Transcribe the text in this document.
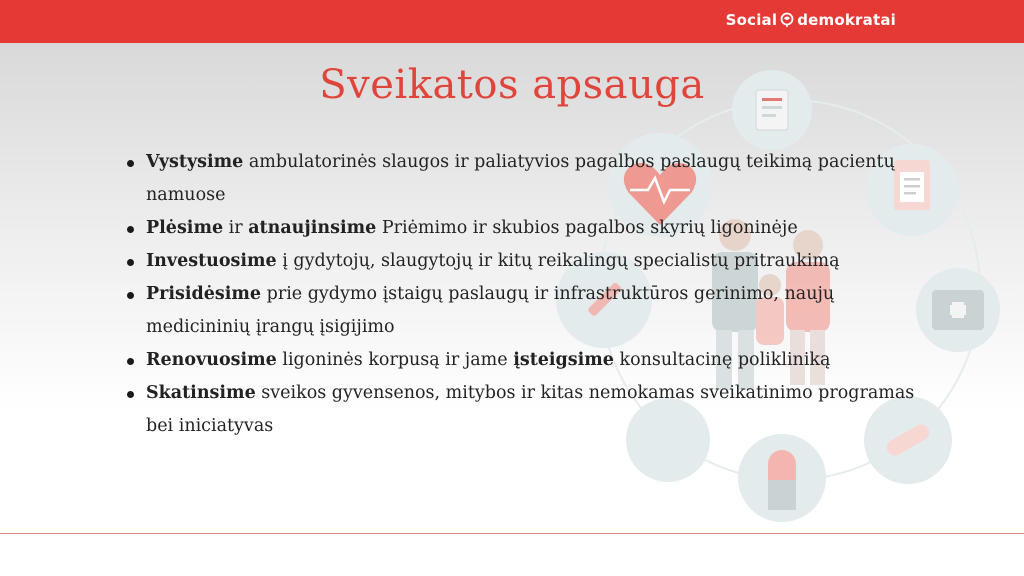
Social demokratai
Sveikatos apsauga
Vystysime ambulatorinės slaugos ir paliatyvios pagalbos paslaugų teikimą pacientų namuose
Plėsime ir atnaujinsime Priėmimo ir skubios pagalbos skyrių ligoninėje
Investuosime į gydytojų, slaugytojų ir kitų reikalingų specialistų pritraukimą
Prisidėsime prie gydymo įstaigų paslaugų ir infrastruktūros gerinimo, naujų medicininių įrangų įsigijimo
Renovuosime ligoninės korpusą ir jame įsteigsime konsultacinę polikliniką
Skatinsime sveikos gyvensenos, mitybos ir kitas nemokamas sveikatinimo programas bei iniciatyvas
